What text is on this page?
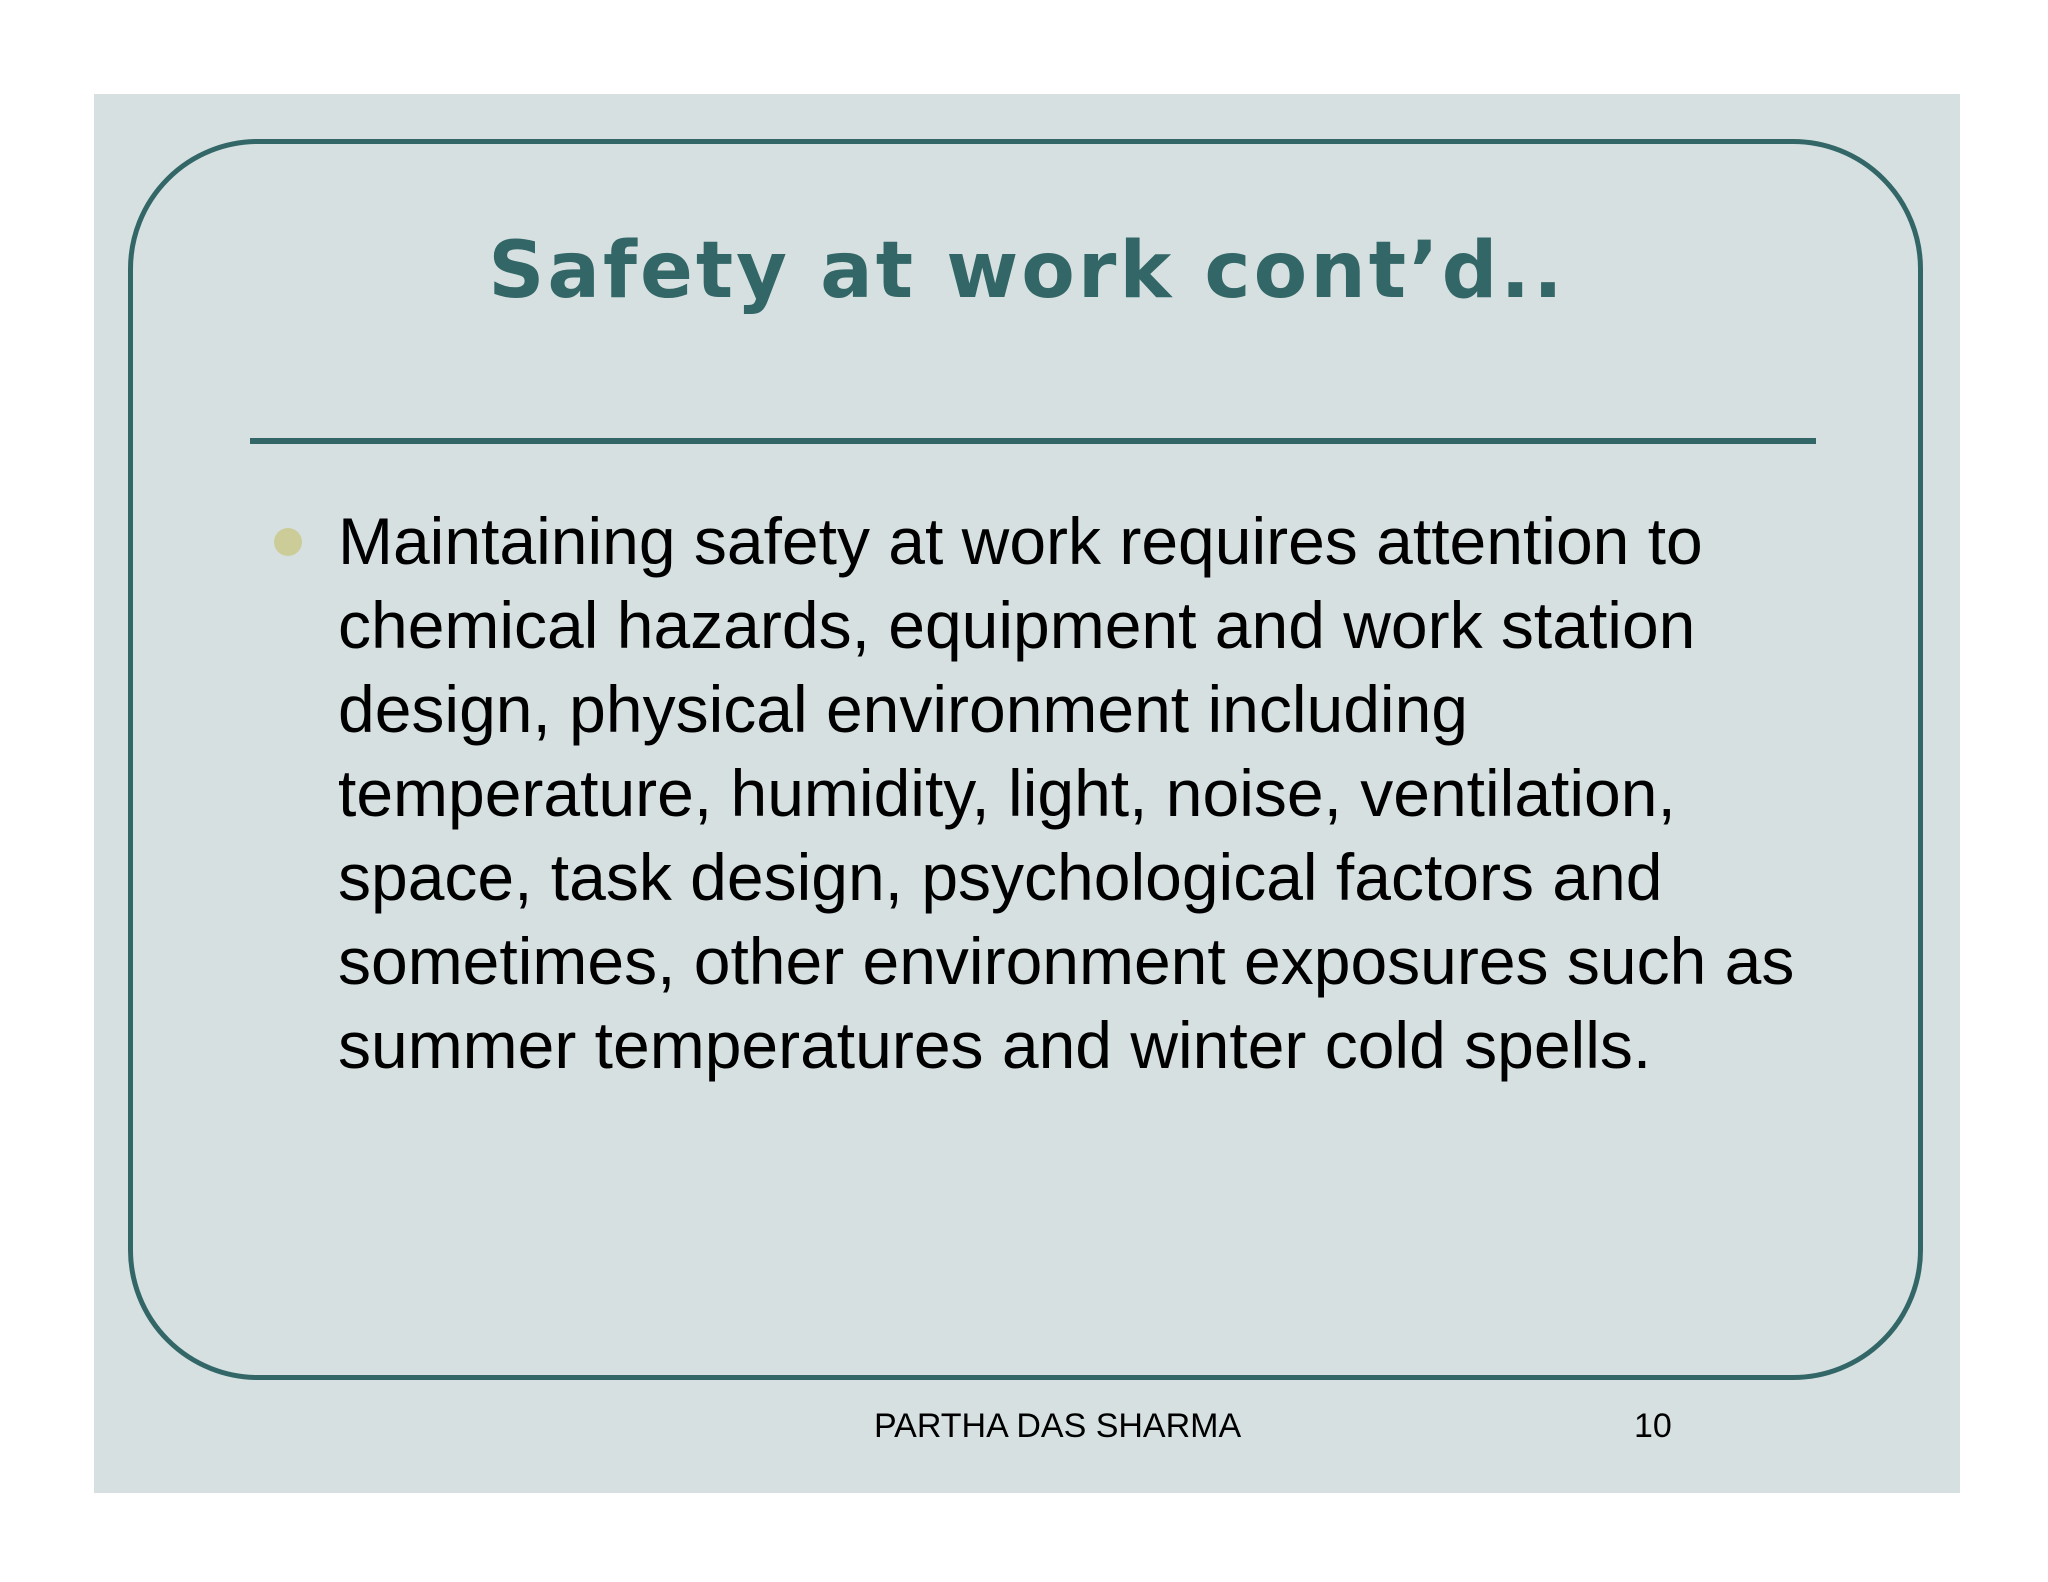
Safety at work cont’d..
Maintaining safety at work requires attention to chemical hazards, equipment and work station design, physical environment including temperature, humidity, light, noise, ventilation, space, task design, psychological factors and sometimes, other environment exposures such as summer temperatures and winter cold spells.
PARTHA DAS SHARMA	10
